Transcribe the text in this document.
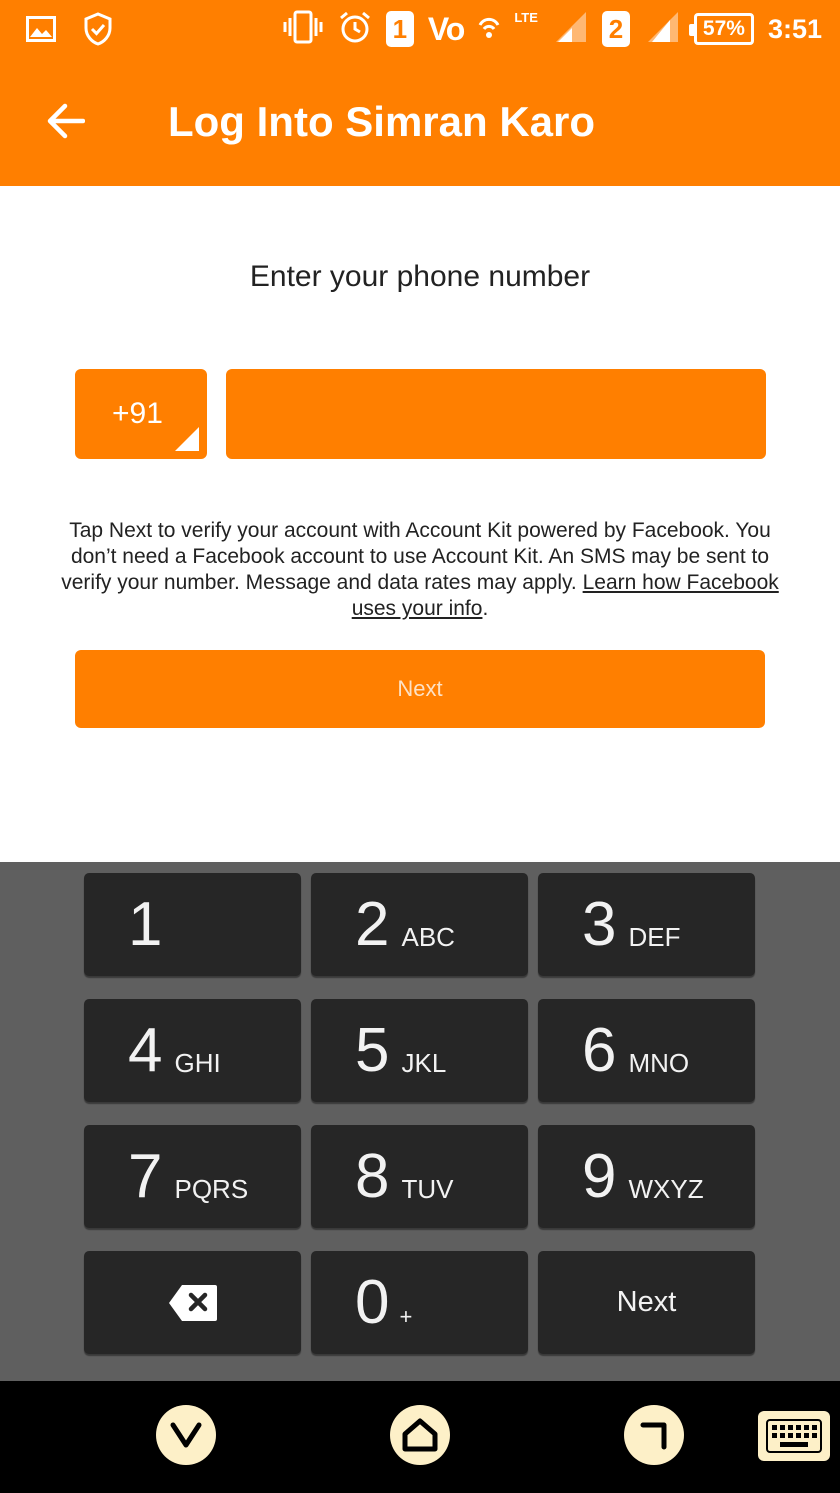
1 Vo	LTE	2	57% 3:51
Log Into Simran Karo
Enter your phone number
+91
Tap Next to verify your account with Account Kit powered by Facebook. You don’t need a Facebook account to use Account Kit. An SMS may be sent to verify your number. Message and data rates may apply. Learn how Facebook uses your info.
Next
1	2 ABC 3 DEF
4 GHI 5 JKL 6 MNO
7 PQRS 8 TUV 9 WXYZ
0 +	Next
